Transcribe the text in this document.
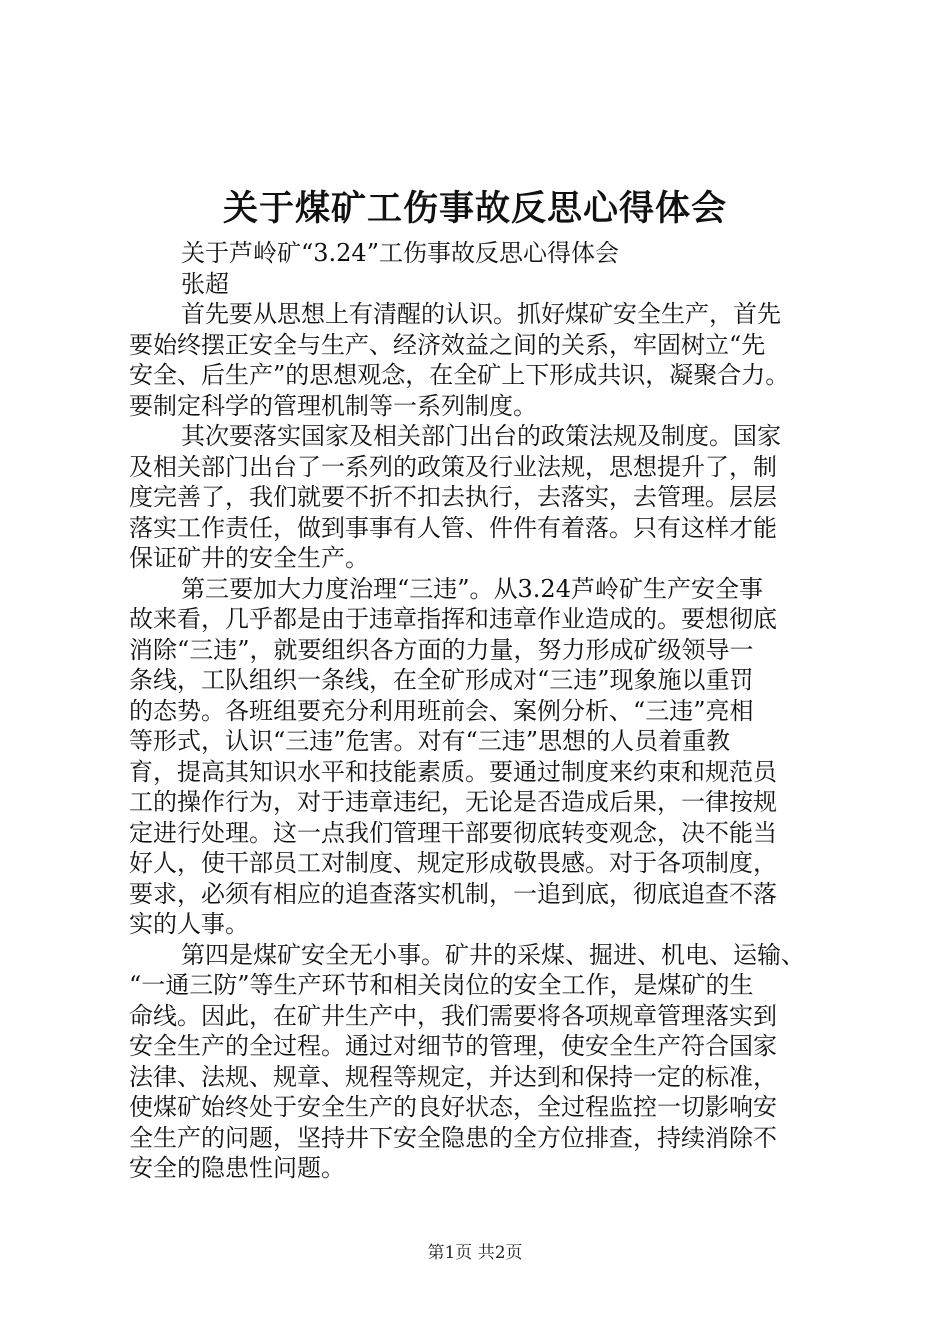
关于煤矿工伤事故反思心得体会
关于芦岭矿“3.24”工伤事故反思心得体会
张超
首先要从思想上有清醒的认识。抓好煤矿安全生产，首先
要始终摆正安全与生产、经济效益之间的关系，牢固树立“先
安全、后生产”的思想观念，在全矿上下形成共识，凝聚合力。
要制定科学的管理机制等一系列制度。
其次要落实国家及相关部门出台的政策法规及制度。国家
及相关部门出台了一系列的政策及行业法规，思想提升了，制
度完善了，我们就要不折不扣去执行，去落实，去管理。层层
落实工作责任，做到事事有人管、件件有着落。只有这样才能
保证矿井的安全生产。
第三要加大力度治理“三违”。从3.24芦岭矿生产安全事
故来看，几乎都是由于违章指挥和违章作业造成的。要想彻底
消除“三违”，就要组织各方面的力量，努力形成矿级领导一
条线，工队组织一条线，在全矿形成对“三违”现象施以重罚
的态势。各班组要充分利用班前会、案例分析、“三违”亮相
等形式，认识“三违”危害。对有“三违”思想的人员着重教
育，提高其知识水平和技能素质。要通过制度来约束和规范员
工的操作行为，对于违章违纪，无论是否造成后果，一律按规
定进行处理。这一点我们管理干部要彻底转变观念，决不能当
好人，使干部员工对制度、规定形成敬畏感。对于各项制度，
要求，必须有相应的追查落实机制，一追到底，彻底追查不落
实的人事。
第四是煤矿安全无小事。矿井的采煤、掘进、机电、运输、
“一通三防”等生产环节和相关岗位的安全工作，是煤矿的生
命线。因此，在矿井生产中，我们需要将各项规章管理落实到
安全生产的全过程。通过对细节的管理，使安全生产符合国家
法律、法规、规章、规程等规定，并达到和保持一定的标准，
使煤矿始终处于安全生产的良好状态，全过程监控一切影响安
全生产的问题，坚持井下安全隐患的全方位排查，持续消除不
安全的隐患性问题。
第1页 共2页
